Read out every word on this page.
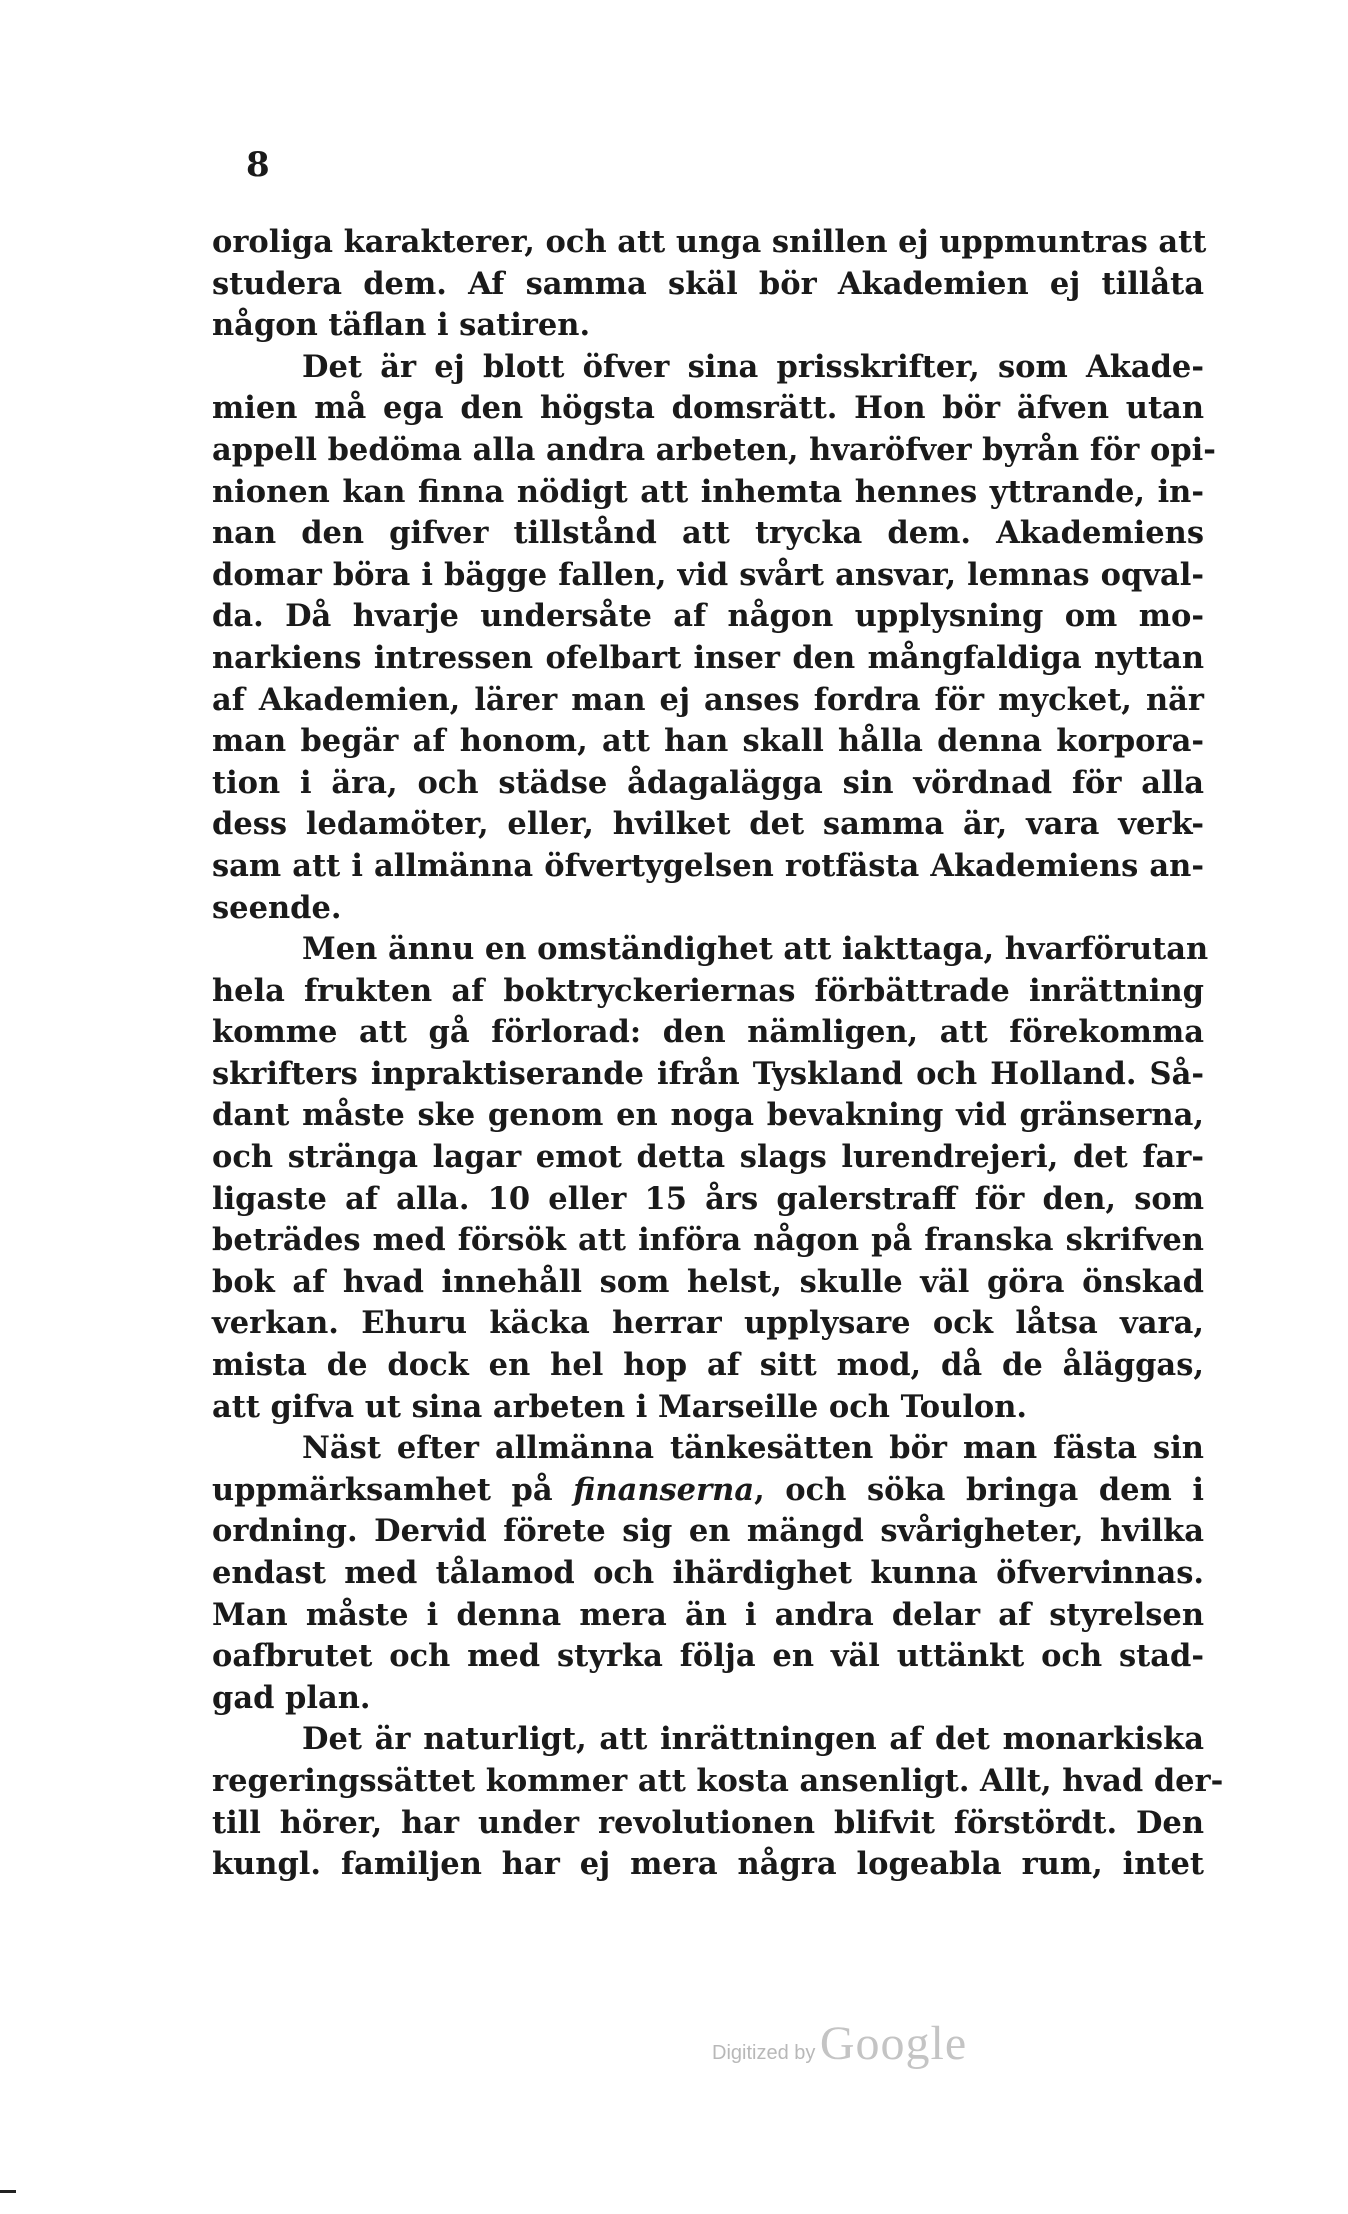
8
oroliga karakterer, och att unga snillen ej uppmuntras att
studera dem. Af samma skäl bör Akademien ej tillåta
någon täflan i satiren.
Det är ej blott öfver sina prisskrifter, som Akade-
mien må ega den högsta domsrätt. Hon bör äfven utan
appell bedöma alla andra arbeten, hvaröfver byrån för opi-
nionen kan finna nödigt att inhemta hennes yttrande, in-
nan den gifver tillstånd att trycka dem. Akademiens
domar böra i bägge fallen, vid svårt ansvar, lemnas oqval-
da. Då hvarje undersåte af någon upplysning om mo-
narkiens intressen ofelbart inser den mångfaldiga nyttan
af Akademien, lärer man ej anses fordra för mycket, när
man begär af honom, att han skall hålla denna korpora-
tion i ära, och städse ådagalägga sin vördnad för alla
dess ledamöter, eller, hvilket det samma är, vara verk-
sam att i allmänna öfvertygelsen rotfästa Akademiens an-
seende.
Men ännu en omständighet att iakttaga, hvarförutan
hela frukten af boktryckeriernas förbättrade inrättning
komme att gå förlorad: den nämligen, att förekomma
skrifters inpraktiserande ifrån Tyskland och Holland. Så-
dant måste ske genom en noga bevakning vid gränserna,
och stränga lagar emot detta slags lurendrejeri, det far-
ligaste af alla. 10 eller 15 års galerstraff för den, som
beträdes med försök att införa någon på franska skrifven
bok af hvad innehåll som helst, skulle väl göra önskad
verkan. Ehuru käcka herrar upplysare ock låtsa vara,
mista de dock en hel hop af sitt mod, då de åläggas,
att gifva ut sina arbeten i Marseille och Toulon.
Näst efter allmänna tänkesätten bör man fästa sin
uppmärksamhet på finanserna, och söka bringa dem i
ordning. Dervid förete sig en mängd svårigheter, hvilka
endast med tålamod och ihärdighet kunna öfvervinnas.
Man måste i denna mera än i andra delar af styrelsen
oafbrutet och med styrka följa en väl uttänkt och stad-
gad plan.
Det är naturligt, att inrättningen af det monarkiska
regeringssättet kommer att kosta ansenligt. Allt, hvad der-
till hörer, har under revolutionen blifvit förstördt. Den
kungl. familjen har ej mera några logeabla rum, intet
Digitized by Google
